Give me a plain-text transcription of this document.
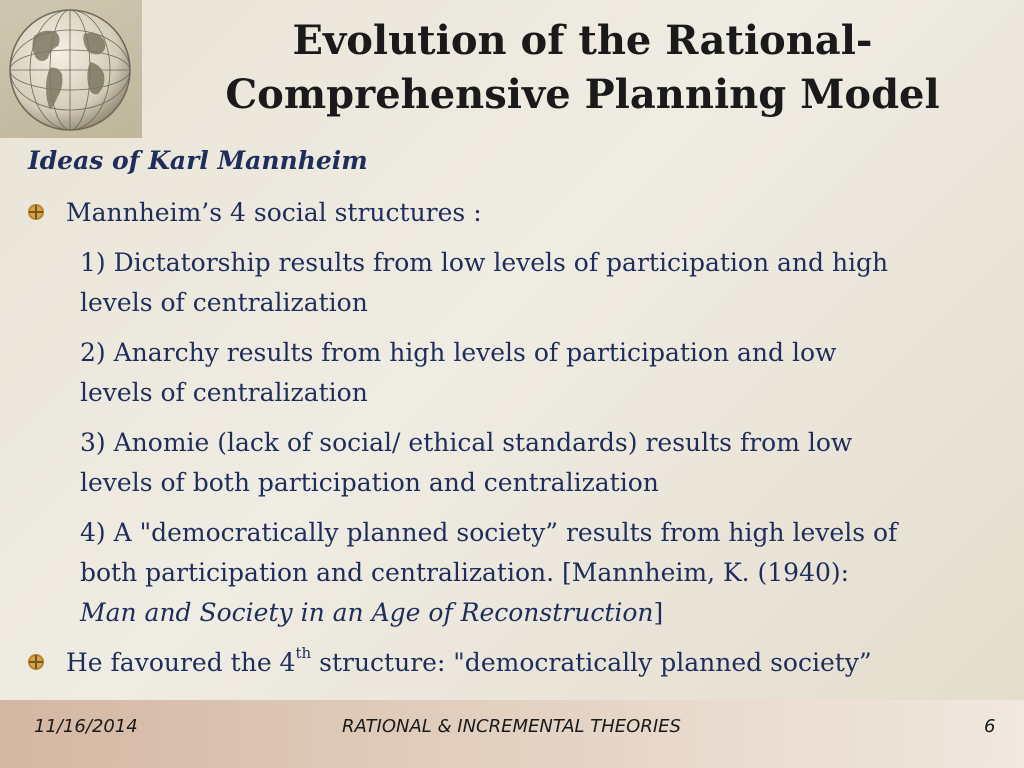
Evolution of the Rational-
Comprehensive Planning Model
Ideas of Karl Mannheim
Mannheim’s 4 social structures :
1) Dictatorship results from low levels of participation and high
levels of centralization
2) Anarchy results from high levels of participation and low
levels of centralization
3) Anomie (lack of social/ ethical standards) results from low
levels of both participation and centralization
4) A "democratically planned society” results from high levels of
both participation and centralization. [Mannheim, K. (1940):
Man and Society in an Age of Reconstruction]
He favoured the 4th structure: "democratically planned society”
11/16/2014	RATIONAL & INCREMENTAL THEORIES	6
